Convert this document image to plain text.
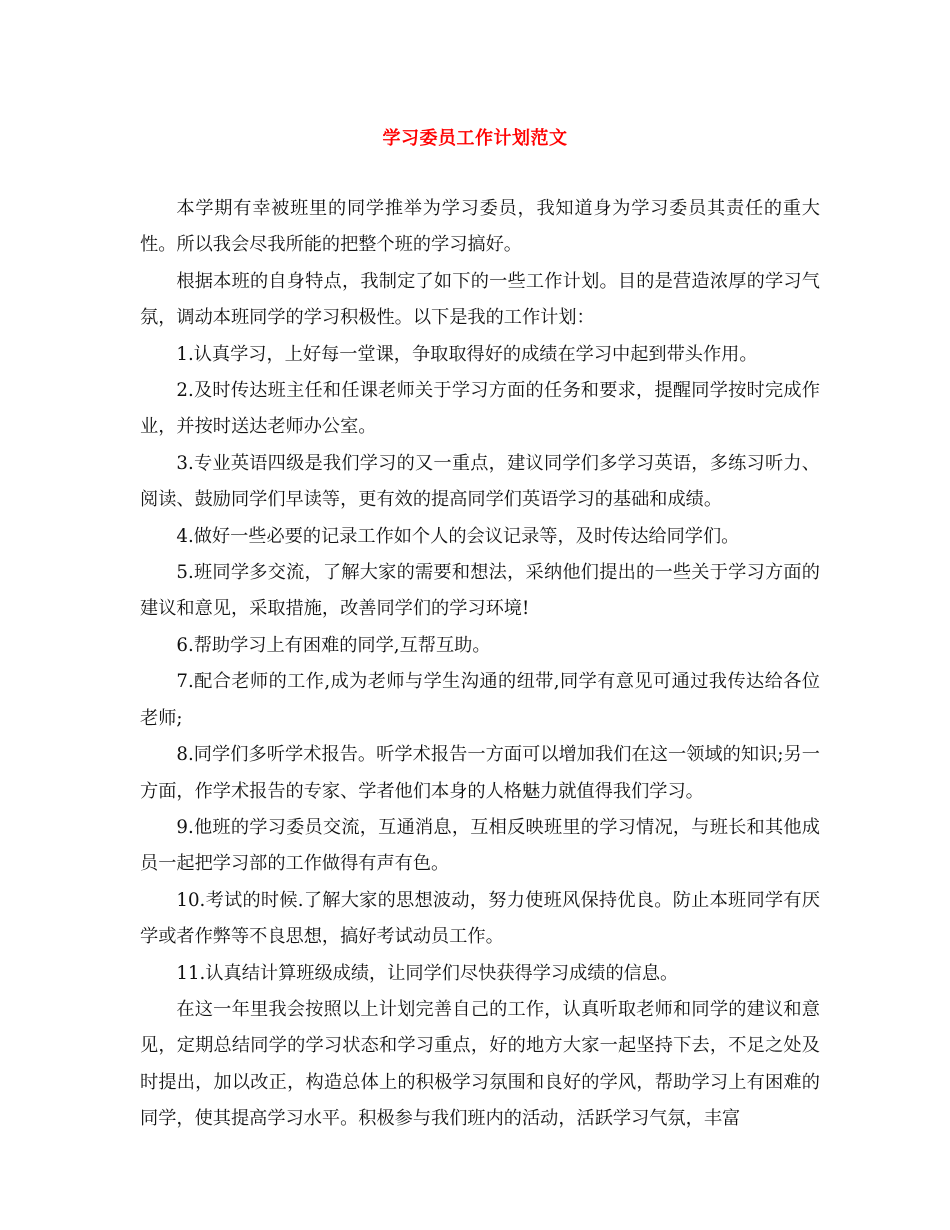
学习委员工作计划范文

本学期有幸被班里的同学推举为学习委员，我知道身为学习委员其责任的重大性。所以我会尽我所能的把整个班的学习搞好。

根据本班的自身特点，我制定了如下的一些工作计划。目的是营造浓厚的学习气氛，调动本班同学的学习积极性。以下是我的工作计划：

1.认真学习，上好每一堂课，争取取得好的成绩在学习中起到带头作用。

2.及时传达班主任和任课老师关于学习方面的任务和要求，提醒同学按时完成作业，并按时送达老师办公室。

3.专业英语四级是我们学习的又一重点，建议同学们多学习英语，多练习听力、阅读、鼓励同学们早读等，更有效的提高同学们英语学习的基础和成绩。

4.做好一些必要的记录工作如个人的会议记录等，及时传达给同学们。

5.班同学多交流，了解大家的需要和想法，采纳他们提出的一些关于学习方面的建议和意见，采取措施，改善同学们的学习环境!

6.帮助学习上有困难的同学,互帮互助。

7.配合老师的工作,成为老师与学生沟通的纽带,同学有意见可通过我传达给各位老师;

8.同学们多听学术报告。听学术报告一方面可以增加我们在这一领域的知识;另一方面，作学术报告的专家、学者他们本身的人格魅力就值得我们学习。

9.他班的学习委员交流，互通消息，互相反映班里的学习情况，与班长和其他成员一起把学习部的工作做得有声有色。

10.考试的时候.了解大家的思想波动，努力使班风保持优良。防止本班同学有厌学或者作弊等不良思想，搞好考试动员工作。

11.认真结计算班级成绩，让同学们尽快获得学习成绩的信息。

在这一年里我会按照以上计划完善自己的工作，认真听取老师和同学的建议和意见，定期总结同学的学习状态和学习重点，好的地方大家一起坚持下去，不足之处及时提出，加以改正，构造总体上的积极学习氛围和良好的学风，帮助学习上有困难的同学，使其提高学习水平。积极参与我们班内的活动，活跃学习气氛，丰富
